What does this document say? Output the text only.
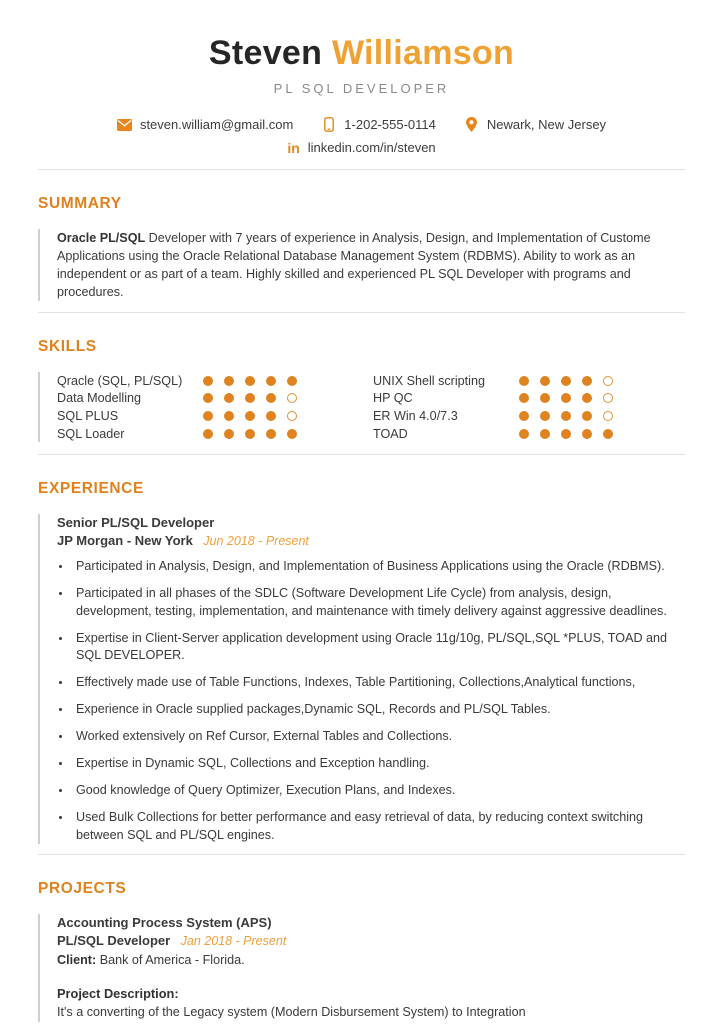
Steven Williamson
PL SQL DEVELOPER
steven.william@gmail.com	1-202-555-0114	Newark, New Jersey
in linkedin.com/in/steven
SUMMARY

Oracle PL/SQL Developer with 7 years of experience in Analysis, Design, and Implementation of Custome Applications using the Oracle Relational Database Management System (RDBMS). Ability to work as an independent or as part of a team. Highly skilled and experienced PL SQL Developer with programs and procedures.

SKILLS
Qracle (SQL, PL/SQL)
Data Modelling
SQL PLUS
SQL Loader
UNIX Shell scripting
HP QC
ER Win 4.0/7.3
TOAD
EXPERIENCE
Senior PL/SQL Developer
JP Morgan - New York Jun 2018 - Present
• Participated in Analysis, Design, and Implementation of Business Applications using the Oracle (RDBMS).
• Participated in all phases of the SDLC (Software Development Life Cycle) from analysis, design, development, testing, implementation, and maintenance with timely delivery against aggressive deadlines.
• Expertise in Client-Server application development using Oracle 11g/10g, PL/SQL,SQL *PLUS, TOAD and SQL DEVELOPER.
• Effectively made use of Table Functions, Indexes, Table Partitioning, Collections,Analytical functions,
• Experience in Oracle supplied packages,Dynamic SQL, Records and PL/SQL Tables.
• Worked extensively on Ref Cursor, External Tables and Collections.
• Expertise in Dynamic SQL, Collections and Exception handling.
• Good knowledge of Query Optimizer, Execution Plans, and Indexes.
• Used Bulk Collections for better performance and easy retrieval of data, by reducing context switching between SQL and PL/SQL engines.
PROJECTS
Accounting Process System (APS)
PL/SQL Developer Jan 2018 - Present
Client: Bank of America - Florida.
Project Description:
It's a converting of the Legacy system (Modern Disbursement System) to Integration
